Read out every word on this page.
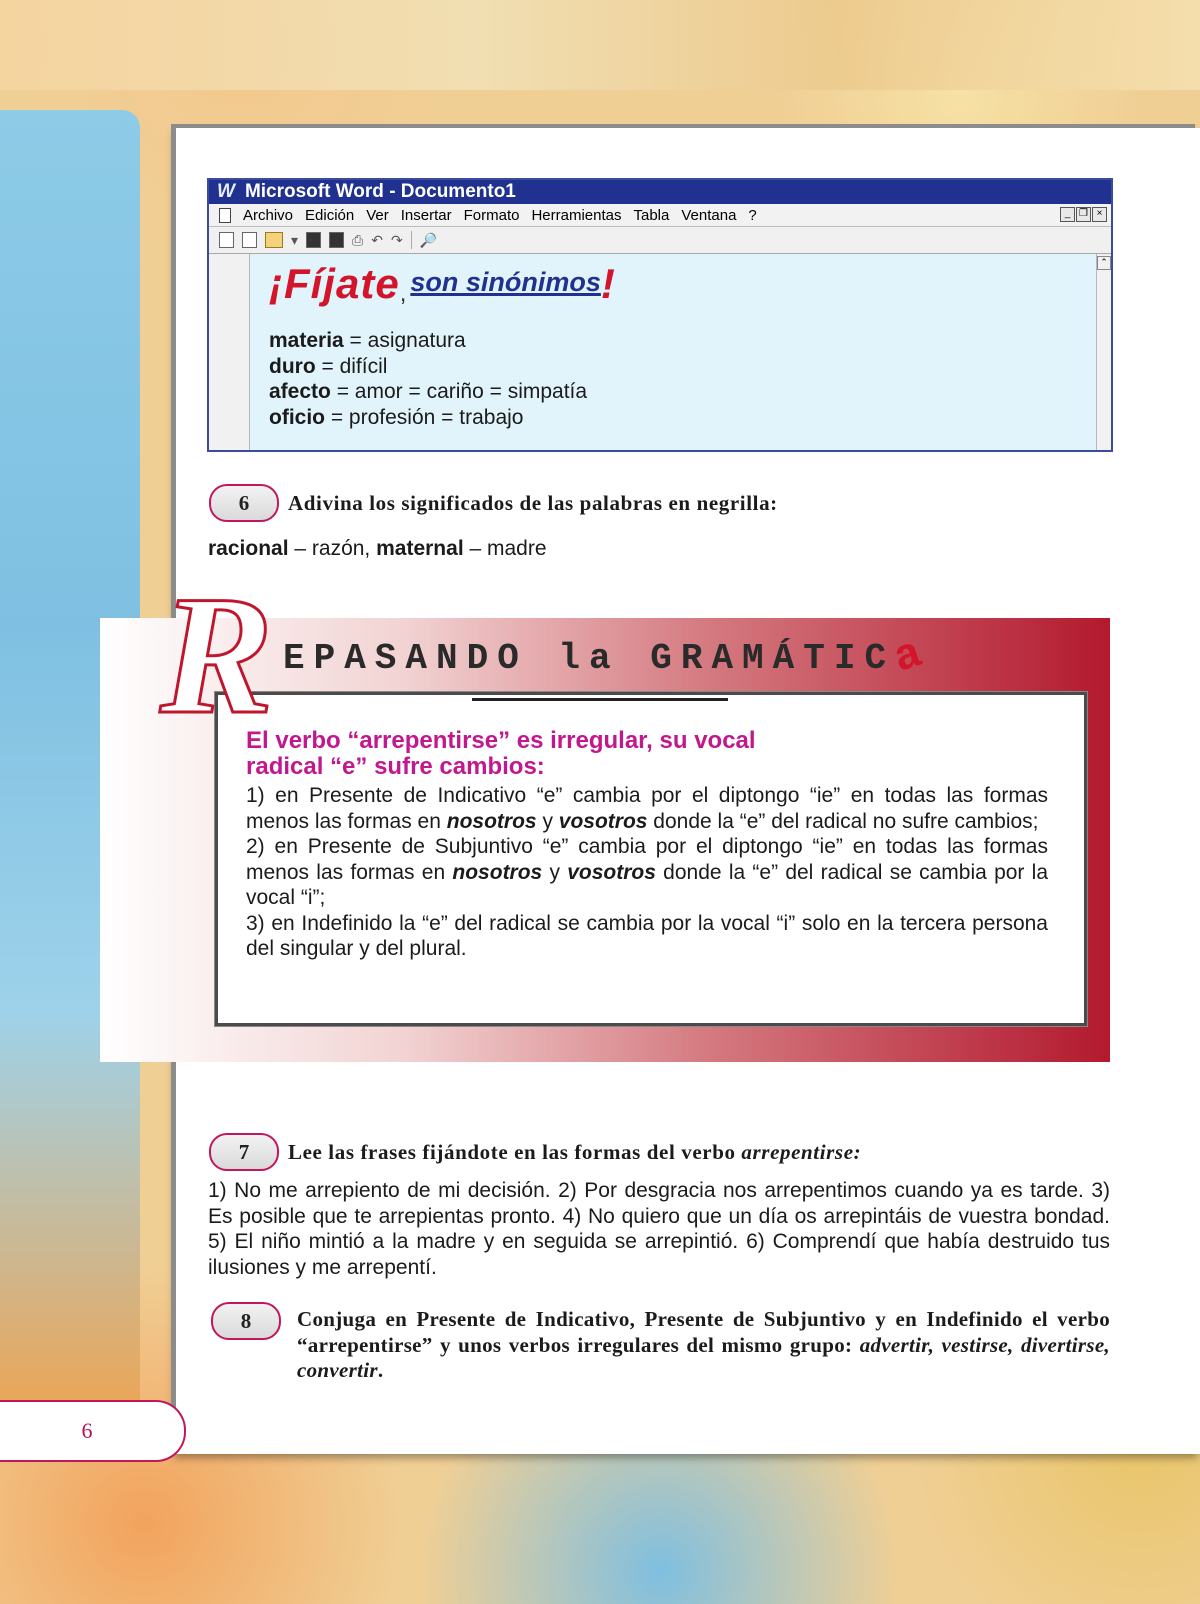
W Microsoft Word - Documento1
Archivo Edición Ver Insertar Formato Herramientas Tabla Ventana ?	_ ❐ ×
▾	⎙ ↶ ↷ 🔎
⌃
¡Fíjate , son sinónimos !
materia = asignatura
duro = difícil
afecto = amor = cariño = simpatía
oficio = profesión = trabajo
6	Adivina los significados de las palabras en negrilla:
racional – razón, maternal – madre
R EPASANDO la GRAMÁTICa
El verbo “arrepentirse” es irregular, su vocal
radical “e” sufre cambios:
1) en Presente de Indicativo “e” cambia por el diptongo “ie” en todas las formas menos las formas en nosotros y vosotros donde la “e” del radical no sufre cambios;
2) en Presente de Subjuntivo “e” cambia por el diptongo “ie” en todas las formas menos las formas en nosotros y vosotros donde la “e” del radical se cambia por la vocal “i”;
3) en Indefinido la “e” del radical se cambia por la vocal “i” solo en la tercera persona del singular y del plural.
7	Lee las frases fijándote en las formas del verbo arrepentirse:
1) No me arrepiento de mi decisión. 2) Por desgracia nos arrepentimos cuando ya es tarde. 3) Es posible que te arrepientas pronto. 4) No quiero que un día os arrepintáis de vuestra bondad. 5) El niño mintió a la madre y en seguida se arrepintió. 6) Comprendí que había destruido tus ilusiones y me arrepentí.
8	Conjuga en Presente de Indicativo, Presente de Subjuntivo y en Indefinido el verbo “arrepentirse” y unos verbos irregulares del mismo grupo: advertir, vestirse, divertirse, convertir.
6
